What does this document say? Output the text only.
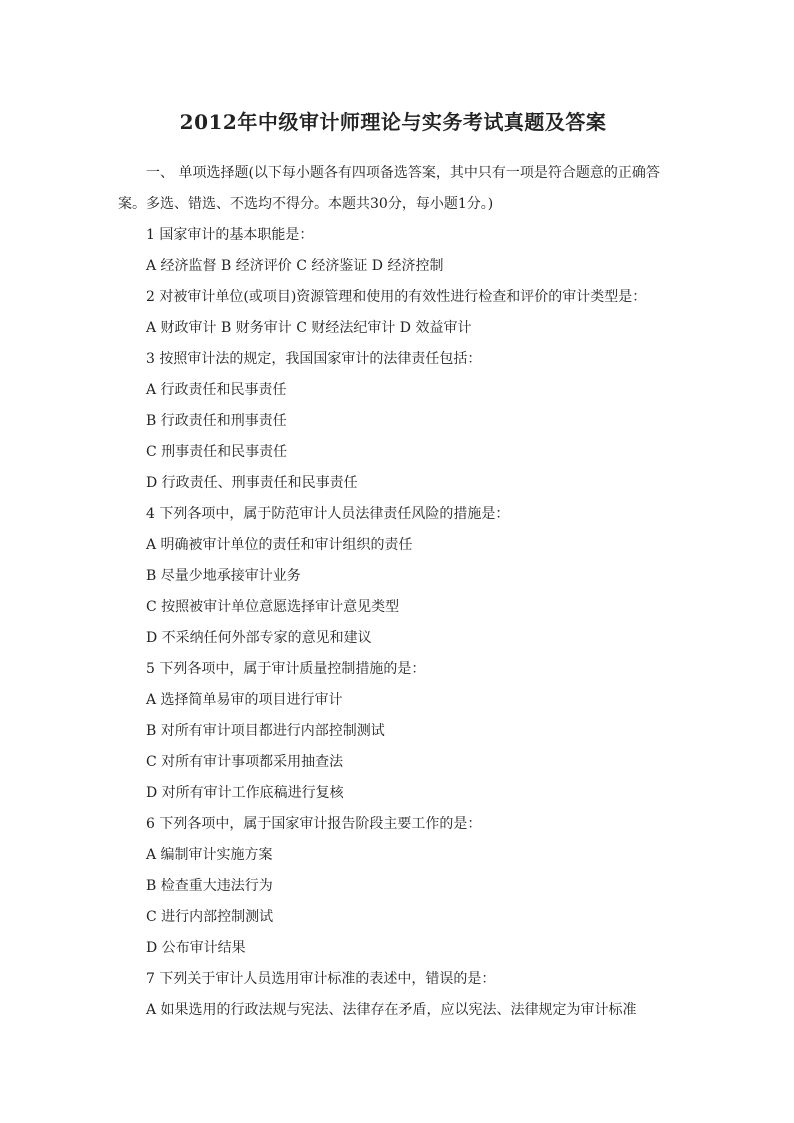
2012年中级审计师理论与实务考试真题及答案

一、 单项选择题(以下每小题各有四项备选答案，其中只有一项是符合题意的正确答案。多选、错选、不选均不得分。本题共30分，每小题1分。)

1 国家审计的基本职能是：
A 经济监督 B 经济评价 C 经济鉴证 D 经济控制
2 对被审计单位(或项目)资源管理和使用的有效性进行检查和评价的审计类型是：
A 财政审计 B 财务审计 C 财经法纪审计 D 效益审计
3 按照审计法的规定，我国国家审计的法律责任包括：
A 行政责任和民事责任
B 行政责任和刑事责任
C 刑事责任和民事责任
D 行政责任、刑事责任和民事责任
4 下列各项中，属于防范审计人员法律责任风险的措施是：
A 明确被审计单位的责任和审计组织的责任
B 尽量少地承接审计业务
C 按照被审计单位意愿选择审计意见类型
D 不采纳任何外部专家的意见和建议
5 下列各项中，属于审计质量控制措施的是：
A 选择简单易审的项目进行审计
B 对所有审计项目都进行内部控制测试
C 对所有审计事项都采用抽查法
D 对所有审计工作底稿进行复核
6 下列各项中，属于国家审计报告阶段主要工作的是：
A 编制审计实施方案
B 检查重大违法行为
C 进行内部控制测试
D 公布审计结果
7 下列关于审计人员选用审计标准的表述中，错误的是：
A 如果选用的行政法规与宪法、法律存在矛盾，应以宪法、法律规定为审计标准
